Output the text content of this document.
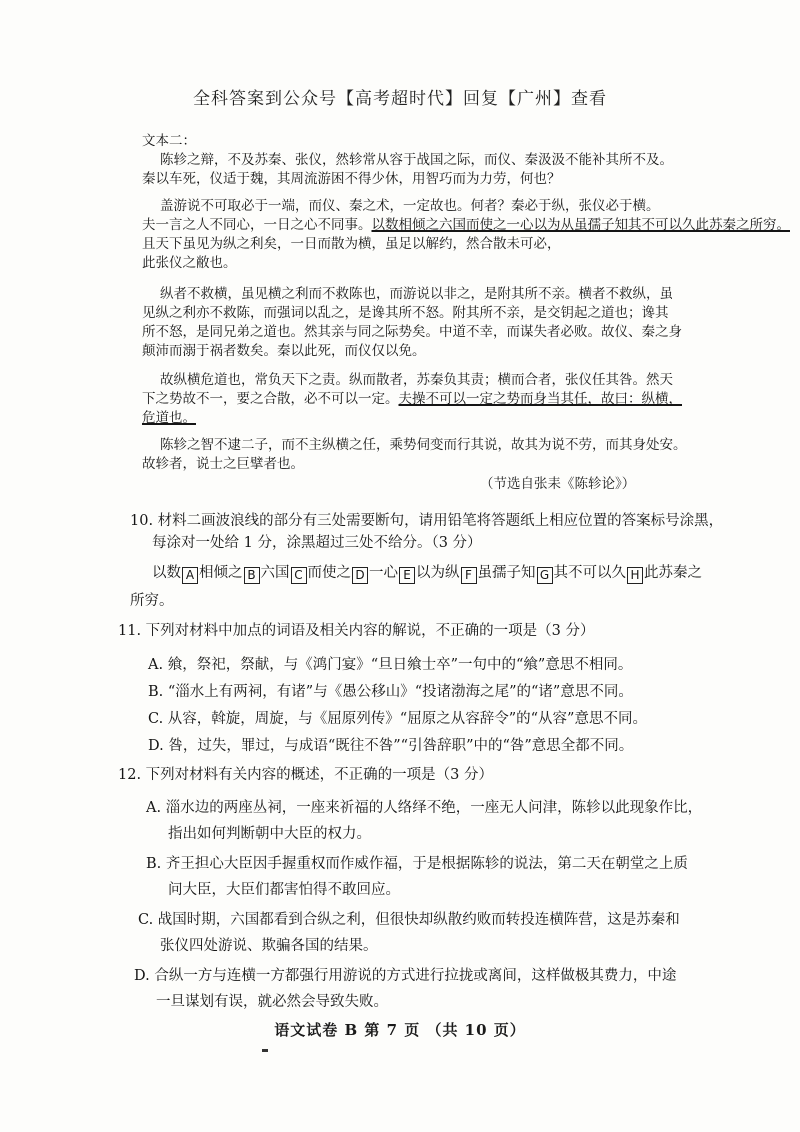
全科答案到公众号【高考超时代】回复【广州】查看
文本二：
陈轸之辩，不及苏秦、张仪，然轸常从容于战国之际，而仪、秦汲汲不能补其所不及。
秦以车死，仪适于魏，其周流游困不得少休，用智巧而为力劳，何也？
盖游说不可取必于一端，而仪、秦之术，一定故也。何者？秦必于纵，张仪必于横。
夫一言之人不同心，一日之心不同事。以数相倾之六国而使之一心以为从虽孺子知其不可以久此苏秦之所穷。
且天下虽见为纵之利矣，一日而散为横，虽足以解约，然合散未可必，
此张仪之敝也。
纵者不救横，虽见横之利而不救陈也，而游说以非之，是附其所不亲。横者不救纵，虽
见纵之利亦不救陈，而强词以乱之，是谗其所不怒。附其所不亲，是交钥起之道也；谗其
所不怒，是同兄弟之道也。然其亲与同之际势矣。中道不幸，而谋失者必败。故仪、秦之身
颠沛而溺于祸者数矣。秦以此死，而仪仅以免。
故纵横危道也，常负天下之责。纵而散者，苏秦负其责；横而合者，张仪任其咎。然天
下之势故不一，要之合散，必不可以一定。夫操不可以一定之势而身当其任，故曰：纵横，
危道也。
陈轸之智不逮二子，而不主纵横之任，乘势伺变而行其说，故其为说不劳，而其身处安。
故轸者，说士之巨擘者也。
（节选自张耒《陈轸论》）
10. 材料二画波浪线的部分有三处需要断句，请用铅笔将答题纸上相应位置的答案标号涂黑，
每涂对一处给 1 分，涂黑超过三处不给分。（3 分）
以数 A 相倾之 B 六国 C 而使之 D 一心 E 以为纵 F 虽孺子知 G 其不可以久 H 此苏秦之
所穷。
11. 下列对材料中加点的词语及相关内容的解说，不正确的一项是（3 分）
A. 飨，祭祀，祭献，与《鸿门宴》“旦日飨士卒”一句中的“飨”意思不相同。
B. “淄水上有两祠，有诸”与《愚公移山》“投诸渤海之尾”的“诸”意思不同。
C. 从容，斡旋，周旋，与《屈原列传》“屈原之从容辞令”的“从容”意思不同。
D. 咎，过失，罪过，与成语“既往不咎”“引咎辞职”中的“咎”意思全都不同。
12. 下列对材料有关内容的概述，不正确的一项是（3 分）
A. 淄水边的两座丛祠，一座来祈福的人络绎不绝，一座无人问津，陈轸以此现象作比，
指出如何判断朝中大臣的权力。
B. 齐王担心大臣因手握重权而作威作福，于是根据陈轸的说法，第二天在朝堂之上质
问大臣，大臣们都害怕得不敢回应。
C. 战国时期，六国都看到合纵之利，但很快却纵散约败而转投连横阵营，这是苏秦和
张仪四处游说、欺骗各国的结果。
D. 合纵一方与连横一方都强行用游说的方式进行拉拢或离间，这样做极其费力，中途
一旦谋划有误，就必然会导致失败。
语文试卷 B 第 7 页 （共 10 页）
